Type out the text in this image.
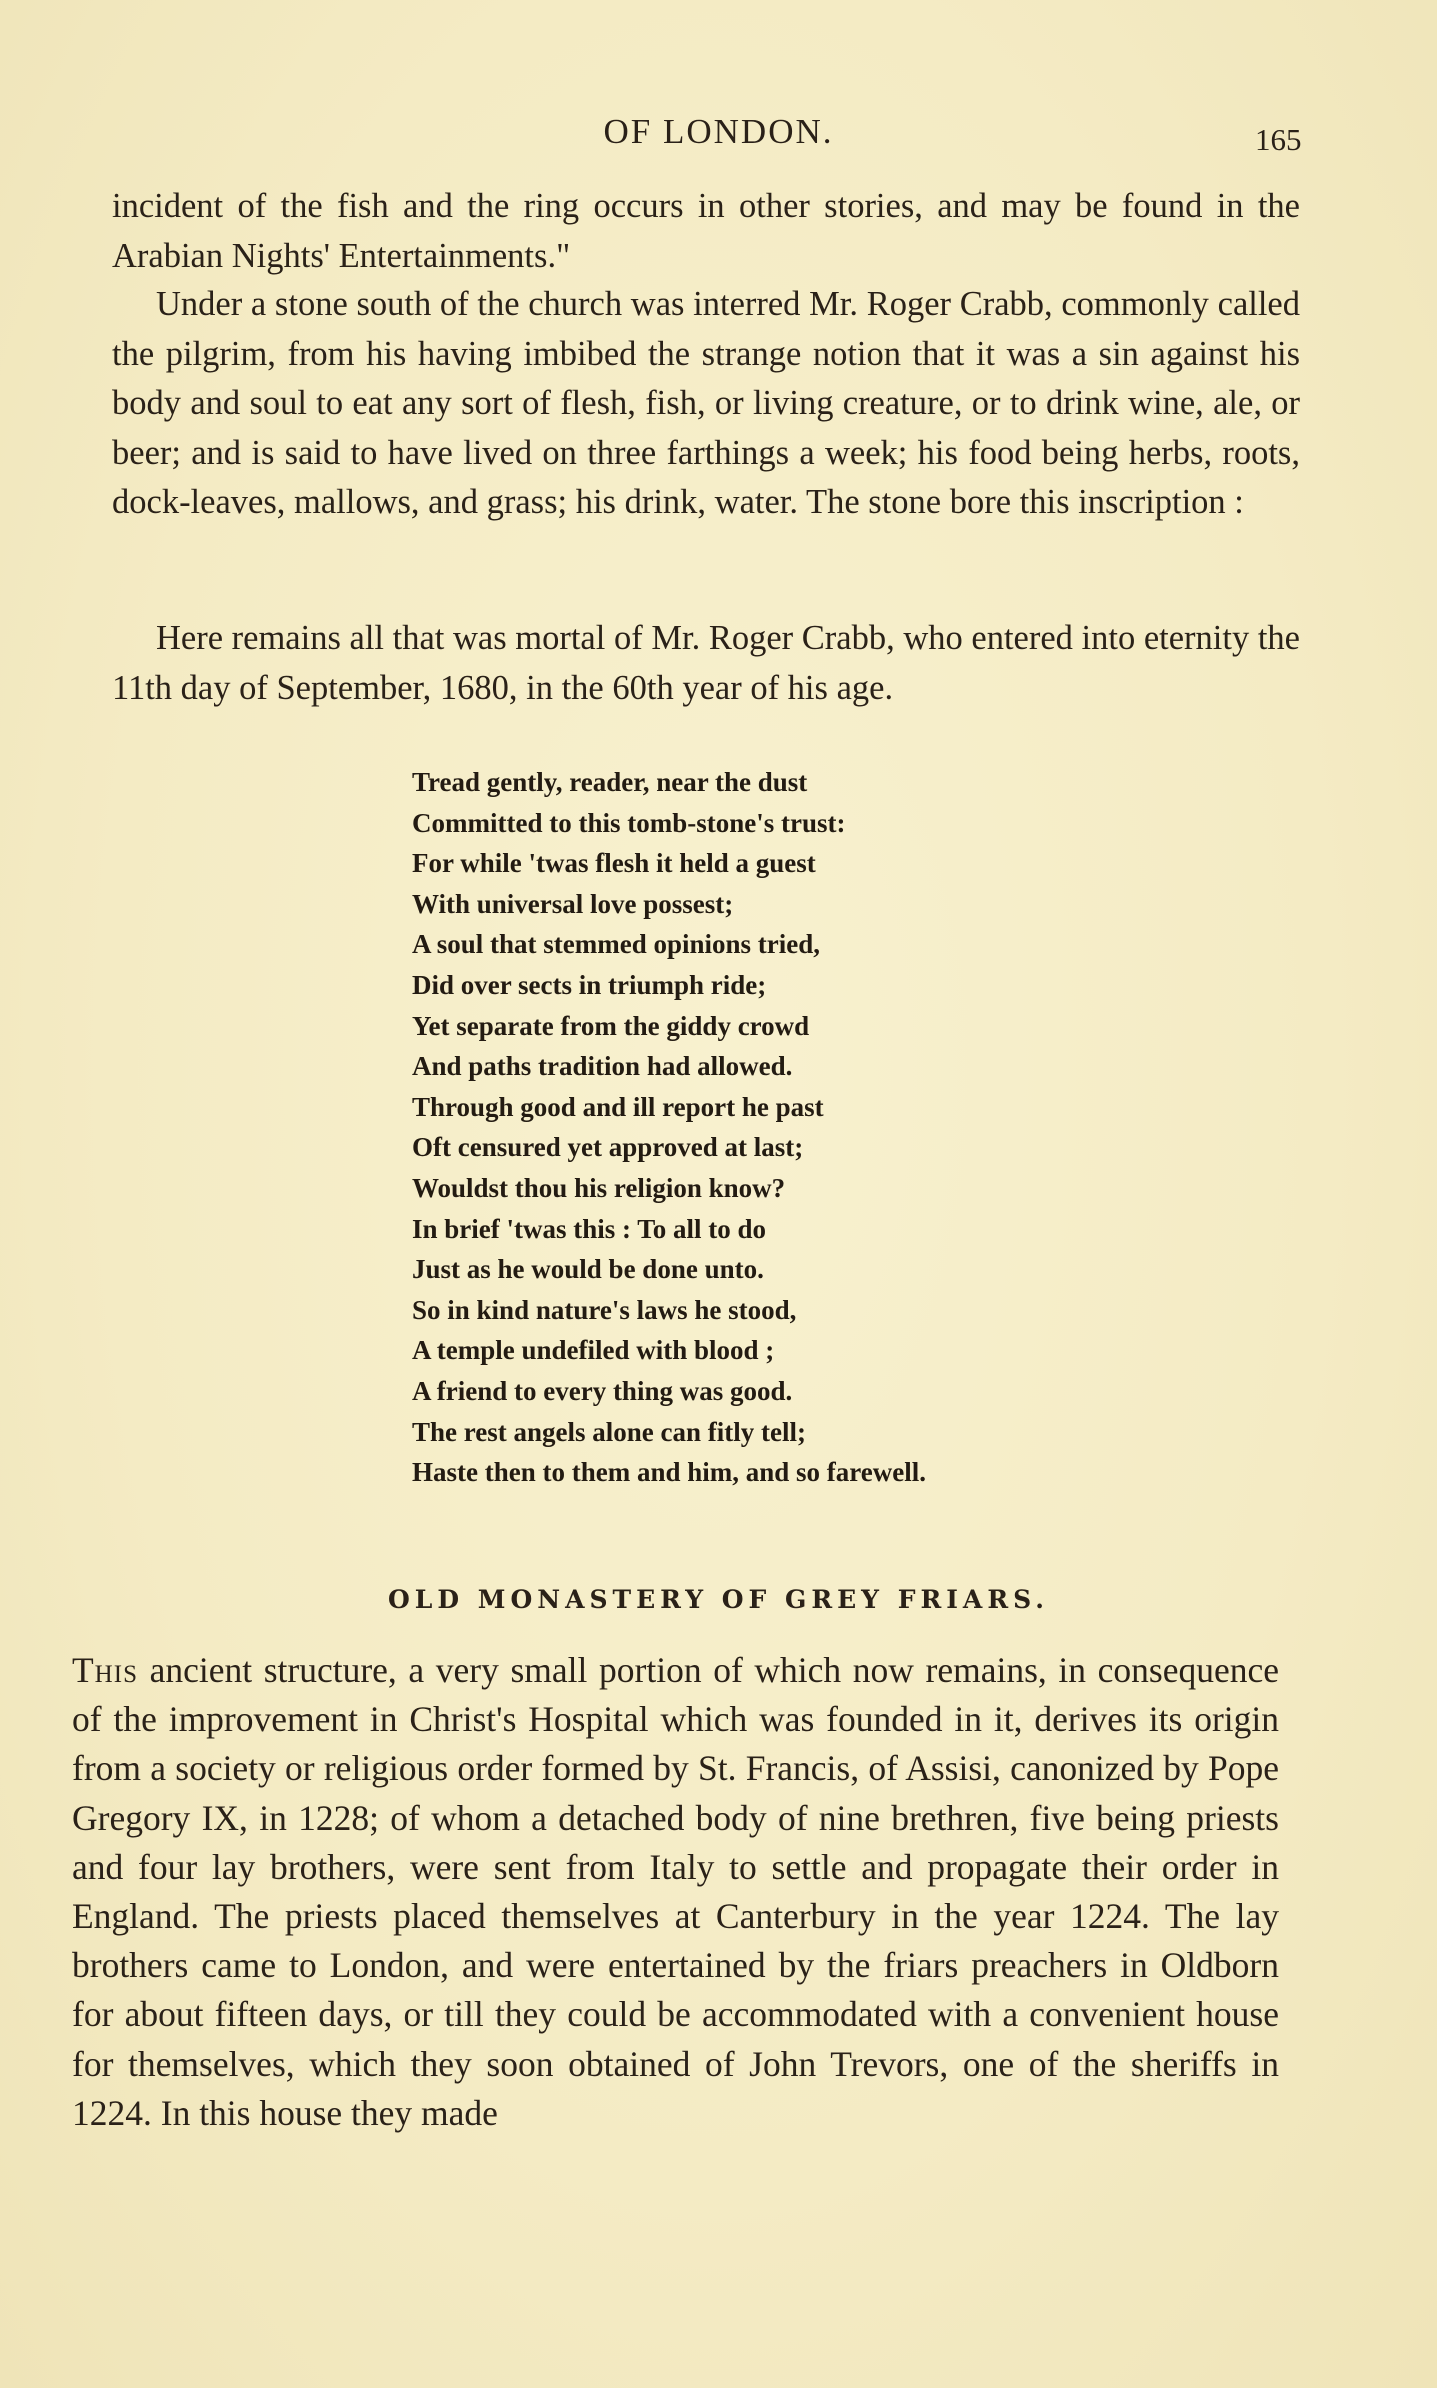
OF LONDON.	165

incident of the fish and the ring occurs in other stories, and may be found in the Arabian Nights' Entertainments."

Under a stone south of the church was interred Mr. Roger Crabb, commonly called the pilgrim, from his having imbibed the strange notion that it was a sin against his body and soul to eat any sort of flesh, fish, or living creature, or to drink wine, ale, or beer; and is said to have lived on three farthings a week; his food being herbs, roots, dock-leaves, mallows, and grass; his drink, water. The stone bore this inscription :

Here remains all that was mortal of Mr. Roger Crabb, who entered into eternity the 11th day of September, 1680, in the 60th year of his age.

Tread gently, reader, near the dust
Committed to this tomb-stone's trust:
For while 'twas flesh it held a guest
With universal love possest;
A soul that stemmed opinions tried,
Did over sects in triumph ride;
Yet separate from the giddy crowd
And paths tradition had allowed.
Through good and ill report he past
Oft censured yet approved at last;
Wouldst thou his religion know?
In brief 'twas this : To all to do
Just as he would be done unto.
So in kind nature's laws he stood,
A temple undefiled with blood ;
A friend to every thing was good.
The rest angels alone can fitly tell;
Haste then to them and him, and so farewell.
OLD MONASTERY OF GREY FRIARS.

This ancient structure, a very small portion of which now remains, in consequence of the improvement in Christ's Hospital which was founded in it, derives its origin from a society or religious order formed by St. Francis, of Assisi, canonized by Pope Gregory IX, in 1228; of whom a detached body of nine brethren, five being priests and four lay brothers, were sent from Italy to settle and propagate their order in England. The priests placed themselves at Canterbury in the year 1224. The lay brothers came to London, and were entertained by the friars preachers in Oldborn for about fifteen days, or till they could be accommodated with a convenient house for themselves, which they soon obtained of John Trevors, one of the sheriffs in 1224. In this house they made
